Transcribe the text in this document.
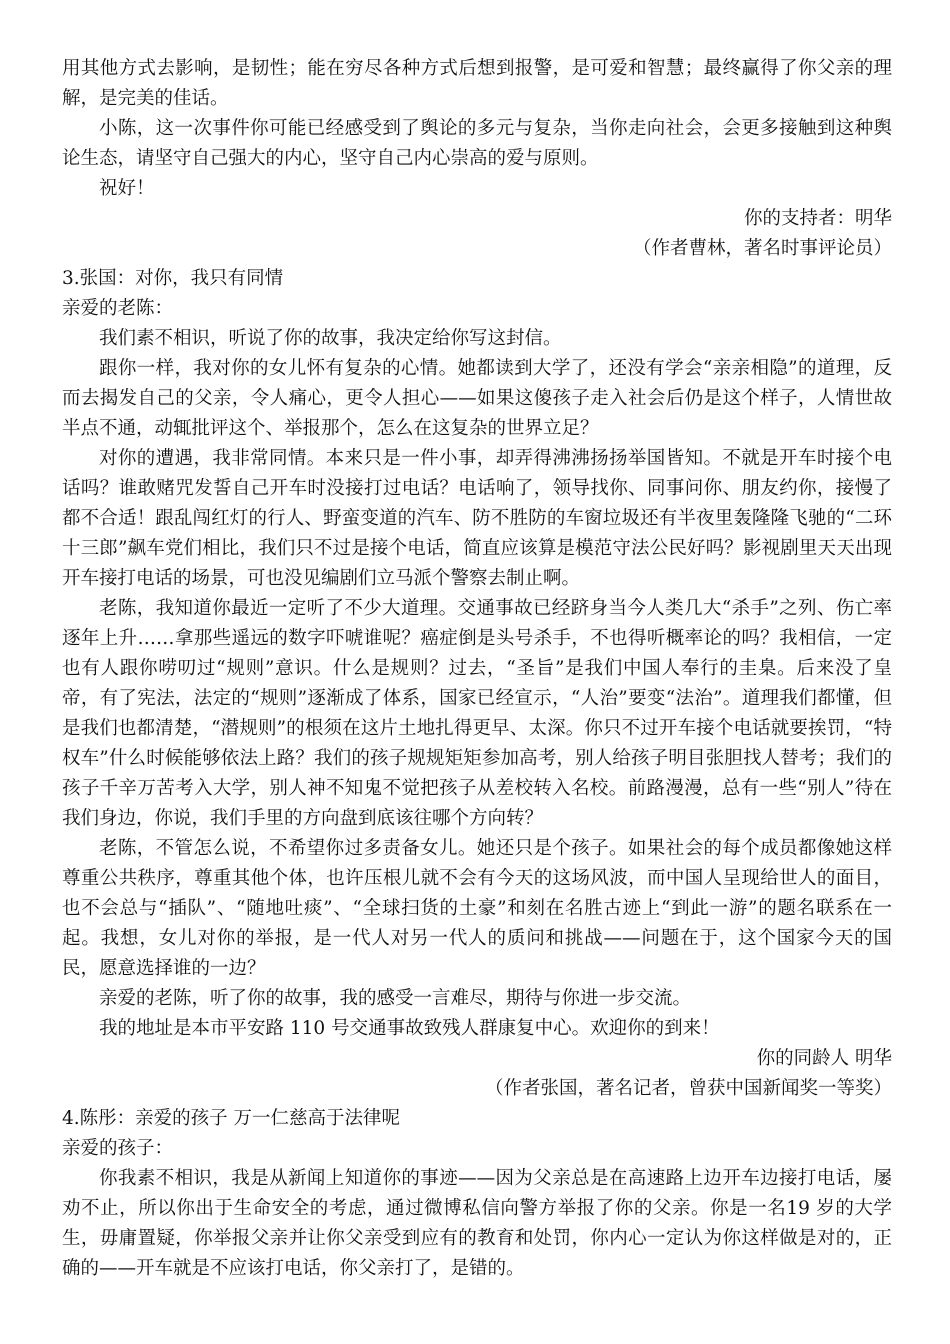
用其他方式去影响，是韧性；能在穷尽各种方式后想到报警，是可爱和智慧；最终赢得了你父亲的理解，是完美的佳话。

小陈，这一次事件你可能已经感受到了舆论的多元与复杂，当你走向社会，会更多接触到这种舆论生态，请坚守自己强大的内心，坚守自己内心崇高的爱与原则。

祝好！

你的支持者：明华

（作者曹林，著名时事评论员）

3.张国：对你，我只有同情

亲爱的老陈：

我们素不相识，听说了你的故事，我决定给你写这封信。

跟你一样，我对你的女儿怀有复杂的心情。她都读到大学了，还没有学会“亲亲相隐”的道理，反而去揭发自己的父亲，令人痛心，更令人担心——如果这傻孩子走入社会后仍是这个样子，人情世故半点不通，动辄批评这个、举报那个，怎么在这复杂的世界立足？

对你的遭遇，我非常同情。本来只是一件小事，却弄得沸沸扬扬举国皆知。不就是开车时接个电话吗？谁敢赌咒发誓自己开车时没接打过电话？电话响了，领导找你、同事问你、朋友约你，接慢了都不合适！跟乱闯红灯的行人、野蛮变道的汽车、防不胜防的车窗垃圾还有半夜里轰隆隆飞驰的“二环十三郎”飙车党们相比，我们只不过是接个电话，简直应该算是模范守法公民好吗？影视剧里天天出现开车接打电话的场景，可也没见编剧们立马派个警察去制止啊。

老陈，我知道你最近一定听了不少大道理。交通事故已经跻身当今人类几大“杀手”之列、伤亡率逐年上升……拿那些遥远的数字吓唬谁呢？癌症倒是头号杀手，不也得听概率论的吗？我相信，一定也有人跟你唠叨过“规则”意识。什么是规则？过去，“圣旨”是我们中国人奉行的圭臬。后来没了皇帝，有了宪法，法定的“规则”逐渐成了体系，国家已经宣示，“人治”要变“法治”。道理我们都懂，但是我们也都清楚，“潜规则”的根须在这片土地扎得更早、太深。你只不过开车接个电话就要挨罚，“特权车”什么时候能够依法上路？我们的孩子规规矩矩参加高考，别人给孩子明目张胆找人替考；我们的孩子千辛万苦考入大学，别人神不知鬼不觉把孩子从差校转入名校。前路漫漫，总有一些“别人”待在我们身边，你说，我们手里的方向盘到底该往哪个方向转？

老陈，不管怎么说，不希望你过多责备女儿。她还只是个孩子。如果社会的每个成员都像她这样尊重公共秩序，尊重其他个体，也许压根儿就不会有今天的这场风波，而中国人呈现给世人的面目，也不会总与“插队”、“随地吐痰”、“全球扫货的土豪”和刻在名胜古迹上“到此一游”的题名联系在一起。我想，女儿对你的举报，是一代人对另一代人的质问和挑战——问题在于，这个国家今天的国民，愿意选择谁的一边？

亲爱的老陈，听了你的故事，我的感受一言难尽，期待与你进一步交流。

我的地址是本市平安路 110 号交通事故致残人群康复中心。欢迎你的到来！

你的同龄人 明华

（作者张国，著名记者，曾获中国新闻奖一等奖）

4.陈彤：亲爱的孩子 万一仁慈高于法律呢

亲爱的孩子：

你我素不相识，我是从新闻上知道你的事迹——因为父亲总是在高速路上边开车边接打电话，屡劝不止，所以你出于生命安全的考虑，通过微博私信向警方举报了你的父亲。你是一名19 岁的大学生，毋庸置疑，你举报父亲并让你父亲受到应有的教育和处罚，你内心一定认为你这样做是对的，正确的——开车就是不应该打电话，你父亲打了，是错的。
